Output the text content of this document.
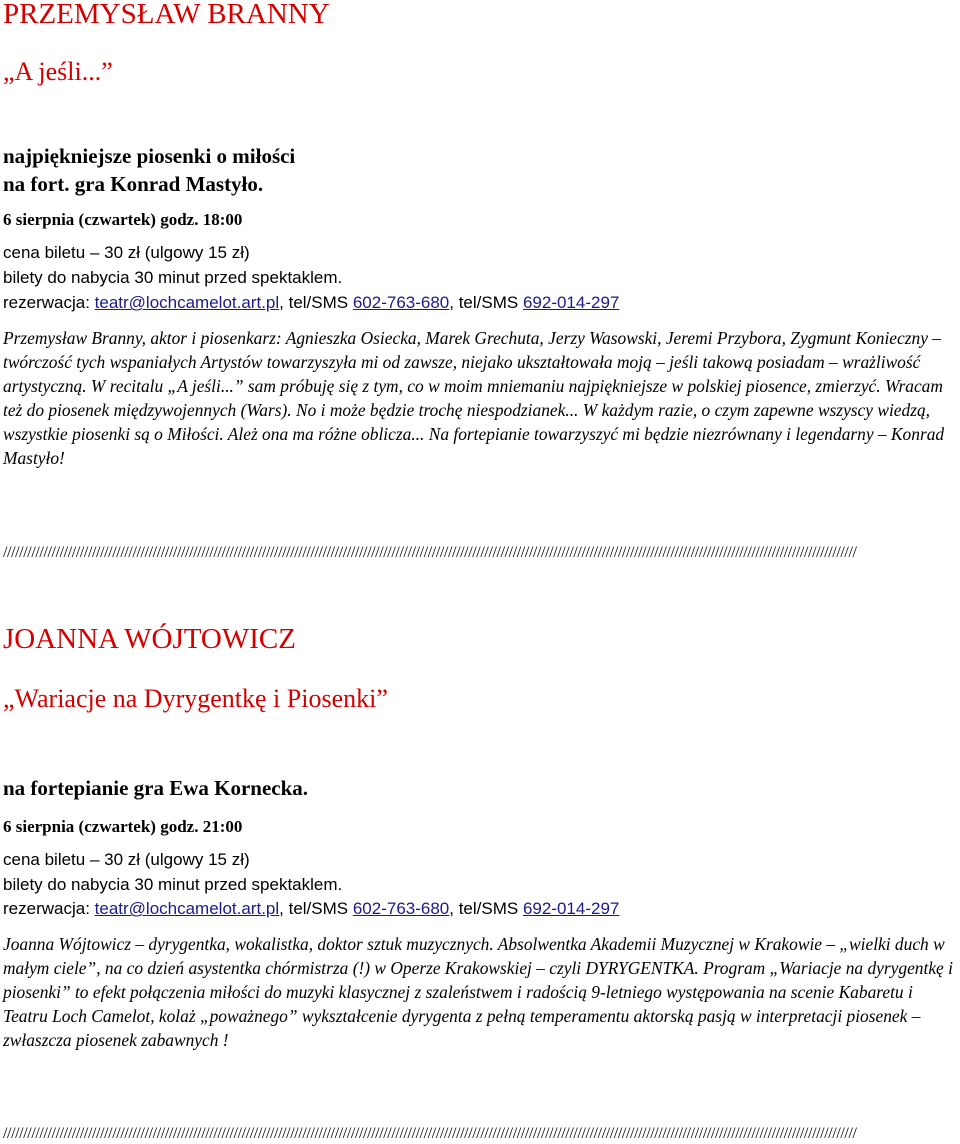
PRZEMYSŁAW BRANNY
„A jeśli...”
najpiękniejsze piosenki o miłości
na fort. gra Konrad Mastyło.
6 sierpnia (czwartek) godz. 18:00
cena biletu – 30 zł (ulgowy 15 zł)
bilety do nabycia 30 minut przed spektaklem.
rezerwacja: teatr@lochcamelot.art.pl, tel/SMS 602-763-680, tel/SMS 692-014-297
Przemysław Branny, aktor i piosenkarz: Agnieszka Osiecka, Marek Grechuta, Jerzy Wasowski, Jeremi Przybora, Zygmunt Konieczny – twórczość tych wspaniałych Artystów towarzyszyła mi od zawsze, niejako ukształtowała moją – jeśli takową posiadam – wrażliwość artystyczną. W recitalu „A jeśli...” sam próbuję się z tym, co w moim mniemaniu najpiękniejsze w polskiej piosence, zmierzyć. Wracam też do piosenek międzywojennych (Wars). No i może będzie trochę niespodzianek... W każdym razie, o czym zapewne wszyscy wiedzą, wszystkie piosenki są o Miłości. Ależ ona ma różne oblicza... Na fortepianie towarzyszyć mi będzie niezrównany i legendarny – Konrad Mastyło!
///////////////////////////////////////////////////////////////////////////////////////////////////////////////////////////////////////////////////////////////////////////////////////////////////////////////////
JOANNA WÓJTOWICZ
„Wariacje na Dyrygentkę i Piosenki”
na fortepianie gra Ewa Kornecka.
6 sierpnia (czwartek) godz. 21:00
cena biletu – 30 zł (ulgowy 15 zł)
bilety do nabycia 30 minut przed spektaklem.
rezerwacja: teatr@lochcamelot.art.pl, tel/SMS 602-763-680, tel/SMS 692-014-297
Joanna Wójtowicz – dyrygentka, wokalistka, doktor sztuk muzycznych. Absolwentka Akademii Muzycznej w Krakowie – „wielki duch w małym ciele”, na co dzień asystentka chórmistrza (!) w Operze Krakowskiej – czyli DYRYGENTKA. Program „Wariacje na dyrygentkę i piosenki” to efekt połączenia miłości do muzyki klasycznej z szaleństwem i radością 9-letniego występowania na scenie Kabaretu i Teatru Loch Camelot, kolaż „poważnego” wykształcenie dyrygenta z pełną temperamentu aktorską pasją w interpretacji piosenek – zwłaszcza piosenek zabawnych !
///////////////////////////////////////////////////////////////////////////////////////////////////////////////////////////////////////////////////////////////////////////////////////////////////////////////////
